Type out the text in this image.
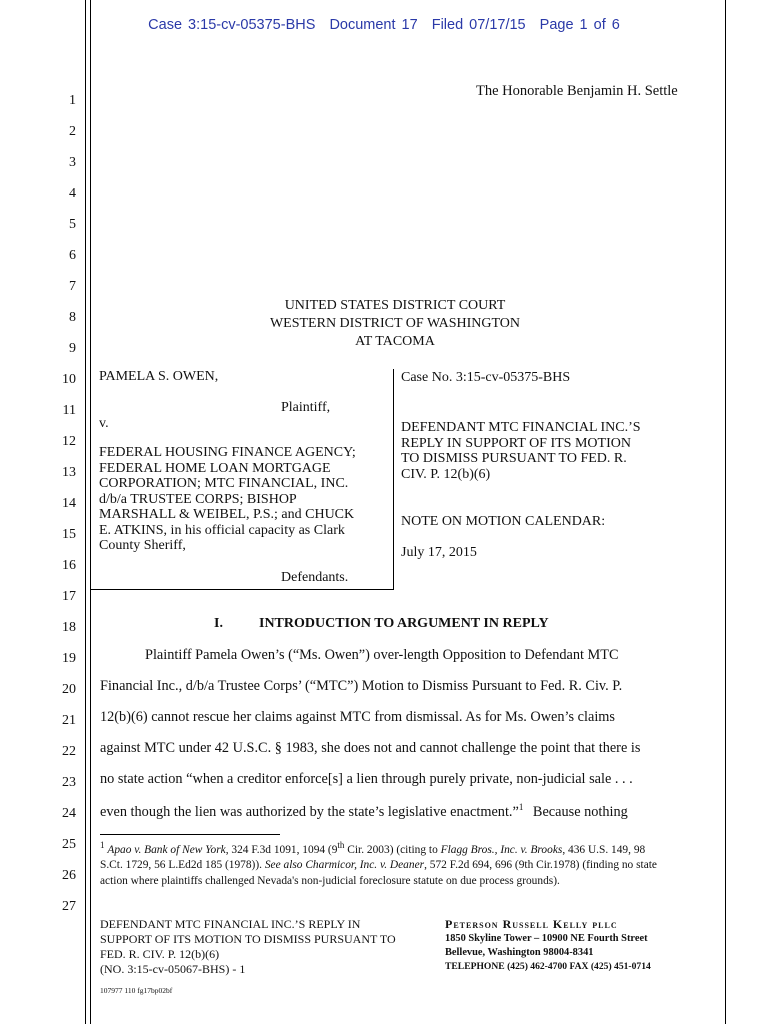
Case 3:15-cv-05375-BHS Document 17 Filed 07/17/15 Page 1 of 6
1
2
3
4
5
6
7
8
9
10
11
12
13
14
15
16
17
18
19
20
21
22
23
24
25
26
27
The Honorable Benjamin H. Settle
UNITED STATES DISTRICT COURT
WESTERN DISTRICT OF WASHINGTON
AT TACOMA
PAMELA S. OWEN,
Plaintiff,
v.
FEDERAL HOUSING FINANCE AGENCY;
FEDERAL HOME LOAN MORTGAGE
CORPORATION; MTC FINANCIAL, INC.
d/b/a TRUSTEE CORPS; BISHOP
MARSHALL & WEIBEL, P.S.; and CHUCK
E. ATKINS, in his official capacity as Clark
County Sheriff,
Defendants.
Case No. 3:15-cv-05375-BHS
DEFENDANT MTC FINANCIAL INC.’S
REPLY IN SUPPORT OF ITS MOTION
TO DISMISS PURSUANT TO FED. R.
CIV. P. 12(b)(6)
NOTE ON MOTION CALENDAR:
July 17, 2015
I.	INTRODUCTION TO ARGUMENT IN REPLY
Plaintiff Pamela Owen’s (“Ms. Owen”) over-length Opposition to Defendant MTC
Financial Inc., d/b/a Trustee Corps’ (“MTC”) Motion to Dismiss Pursuant to Fed. R. Civ. P.
12(b)(6) cannot rescue her claims against MTC from dismissal. As for Ms. Owen’s claims
against MTC under 42 U.S.C. § 1983, she does not and cannot challenge the point that there is
no state action “when a creditor enforce[s] a lien through purely private, non-judicial sale . . .
even though the lien was authorized by the state’s legislative enactment.”$^1$ Because nothing
$^1$ Apao v. Bank of New York, 324 F.3d 1091, 1094 (9th Cir. 2003) (citing to Flagg Bros., Inc. v. Brooks, 436 U.S. 149, 98 S.Ct. 1729, 56 L.Ed2d 185 (1978)). See also Charmicor, Inc. v. Deaner, 572 F.2d 694, 696 (9th Cir.1978) (finding no state action where plaintiffs challenged Nevada's non-judicial foreclosure statute on due process grounds).
DEFENDANT MTC FINANCIAL INC.’S REPLY IN
SUPPORT OF ITS MOTION TO DISMISS PURSUANT TO
FED. R. CIV. P. 12(b)(6)
(NO. 3:15-cv-05067-BHS) - 1
Peterson Russell Kelly pllc
1850 Skyline Tower – 10900 NE Fourth Street
Bellevue, Washington 98004-8341
TELEPHONE (425) 462-4700 FAX (425) 451-0714
107977 110 fg17bp02bf
